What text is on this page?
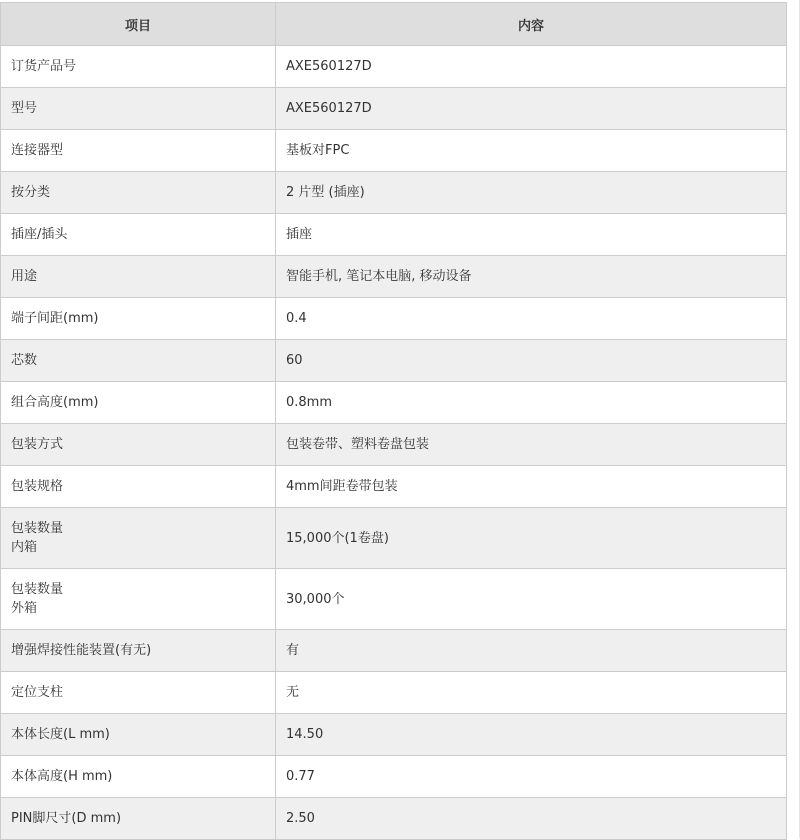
项目	内容
订货产品号	AXE560127D
型号	AXE560127D
连接器型	基板对FPC
按分类	2 片型 (插座)
插座/插头	插座
用途	智能手机, 笔记本电脑, 移动设备
端子间距(mm)	0.4
芯数	60
组合高度(mm)	0.8mm
包装方式	包装卷带、塑料卷盘包装
包装规格	4mm间距卷带包装

包装数量
内箱	15,000个(1卷盘)

包装数量
外箱	30,000个
增强焊接性能装置(有无)	有
定位支柱	无
本体长度(L mm)	14.50
本体高度(H mm)	0.77
PIN脚尺寸(D mm)	2.50
